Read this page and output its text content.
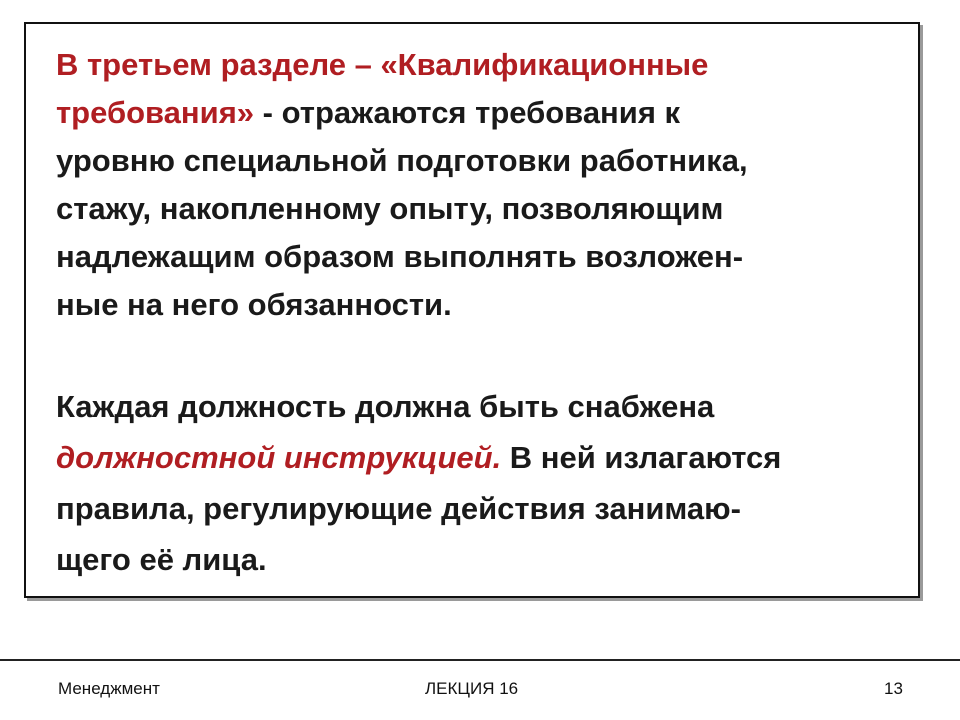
В третьем разделе – «Квалификационные
требования» - отражаются требования к
уровню специальной подготовки работника,
стажу, накопленному опыту, позволяющим
надлежащим образом выполнять возложен-
ные на него обязанности.

Каждая должность должна быть снабжена
должностной инструкцией. В ней излагаются
правила, регулирующие действия занимаю-
щего её лица.

Менеджмент	ЛЕКЦИЯ 16	13
